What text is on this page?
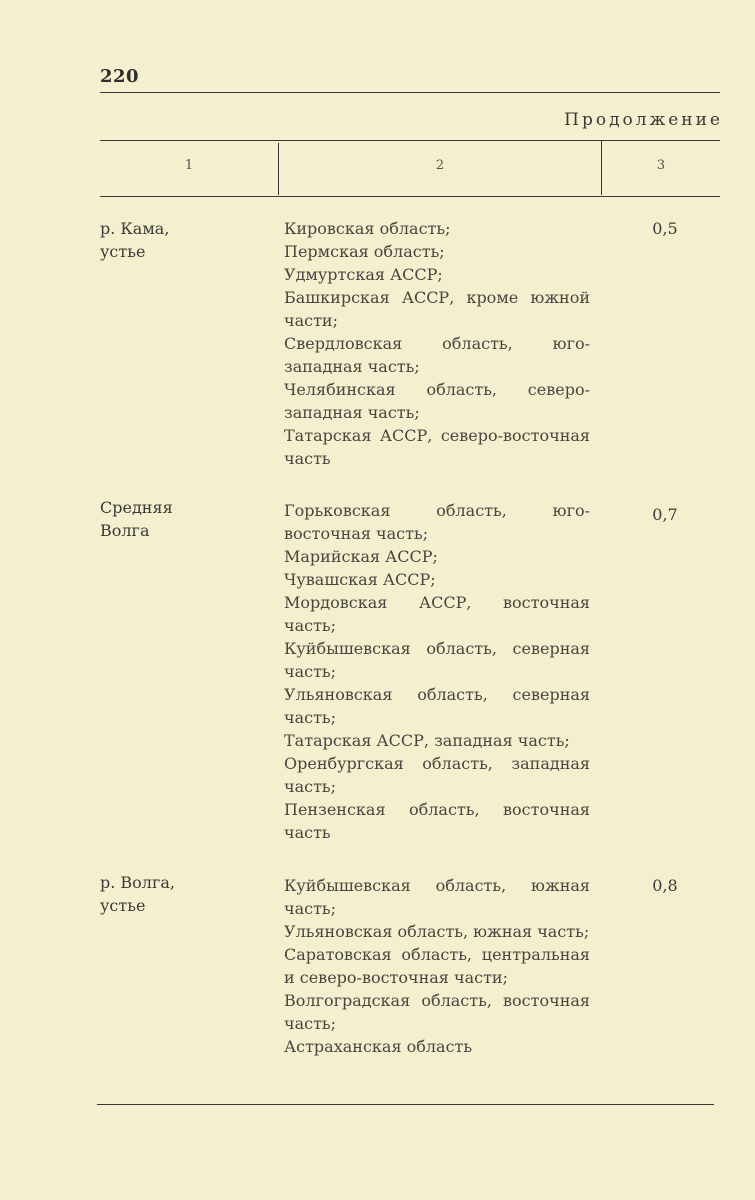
220
Продолжение
1	2	3
р. Кама,
устье
Кировская область;
Пермская область;
Удмуртская АССР;
Башкирская АССР, кроме южной части;
Свердловская область, юго-западная часть;
Челябинская область, северо-западная часть;
Татарская АССР, северо-восточная часть
0,5
Средняя
Волга
Горьковская область, юго-восточная часть;
Марийская АССР;
Чувашская АССР;
Мордовская АССР, восточная часть;
Куйбышевская область, северная часть;
Ульяновская область, северная часть;
Татарская АССР, западная часть;
Оренбургская область, западная часть;
Пензенская область, восточная часть
0,7
р. Волга,
устье
Куйбышевская область, южная часть;
Ульяновская область, южная часть;
Саратовская область, центральная и северо-восточная части;
Волгоградская область, восточная часть;
Астраханская область
0,8
